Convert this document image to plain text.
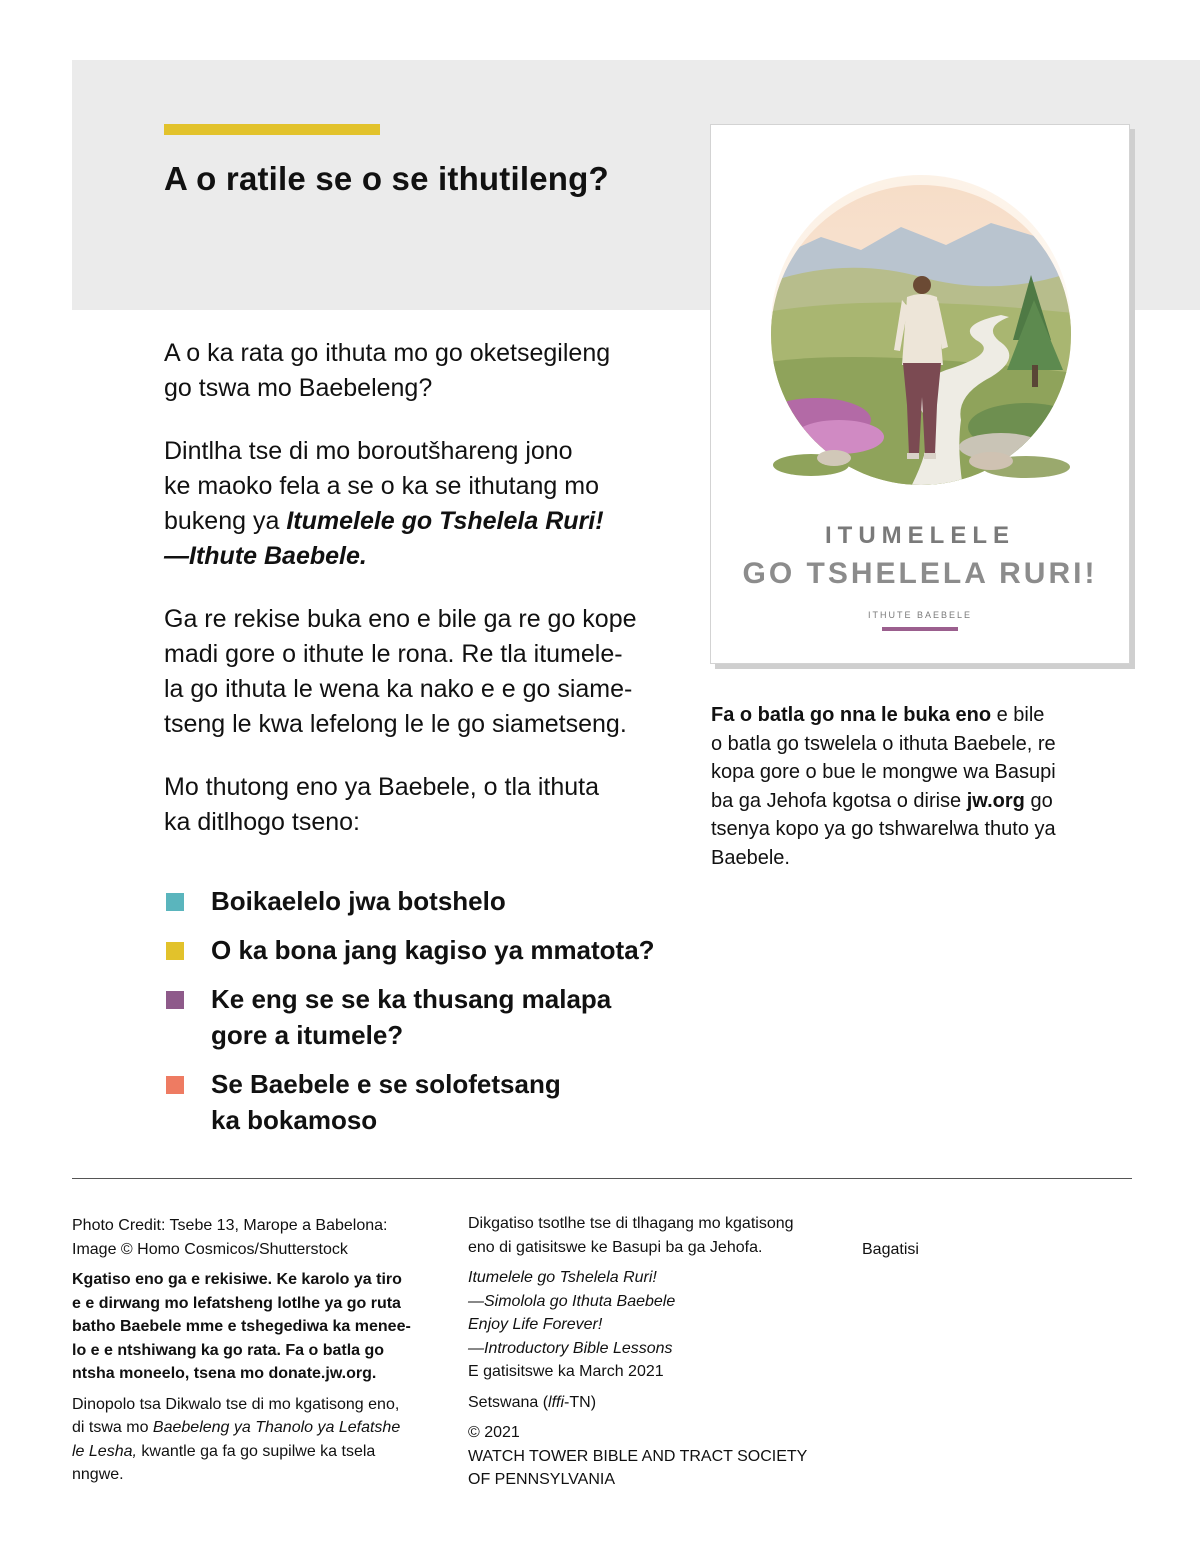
A o ratile se o se ithutileng?

A o ka rata go ithuta mo go oketsegileng
go tswa mo Baebeleng?

Dintlha tse di mo boroutšhareng jono
ke maoko fela a se o ka se ithutang mo
bukeng ya Itumelele go Tshelela Ruri!
—Ithute Baebele.

Ga re rekise buka eno e bile ga re go kope
madi gore o ithute le rona. Re tla itumele-
la go ithuta le wena ka nako e e go siame-
tseng le kwa lefelong le le go siametseng.

Mo thutong eno ya Baebele, o tla ithuta
ka ditlhogo tseno:

Boikaelelo jwa botshelo
O ka bona jang kagiso ya mmatota?
Ke eng se se ka thusang malapa
gore a itumele?
Se Baebele e se solofetsang
ka bokamoso
ITUMELELE
GO TSHELELA RURI!
ITHUTE BAEBELE

Fa o batla go nna le buka eno e bile
o batla go tswelela o ithuta Baebele, re
kopa gore o bue le mongwe wa Basupi
ba ga Jehofa kgotsa o dirise jw.org go
tsenya kopo ya go tshwarelwa thuto ya
Baebele.

Photo Credit: Tsebe 13, Marope a Babelona:
Image © Homo Cosmicos/Shutterstock

Kgatiso eno ga e rekisiwe. Ke karolo ya tiro
e e dirwang mo lefatsheng lotlhe ya go ruta
batho Baebele mme e tshegediwa ka menee-
lo e e ntshiwang ka go rata. Fa o batla go
ntsha moneelo, tsena mo donate.jw.org.

Dinopolo tsa Dikwalo tse di mo kgatisong eno,
di tswa mo Baebeleng ya Thanolo ya Lefatshe
le Lesha, kwantle ga fa go supilwe ka tsela
nngwe.

Dikgatiso tsotlhe tse di tlhagang mo kgatisong
eno di gatisitswe ke Basupi ba ga Jehofa.

Itumelele go Tshelela Ruri!
—Simolola go Ithuta Baebele
Enjoy Life Forever!
—Introductory Bible Lessons
E gatisitswe ka March 2021

Setswana (lffi-TN)

© 2021
WATCH TOWER BIBLE AND TRACT SOCIETY
OF PENNSYLVANIA

Bagatisi
